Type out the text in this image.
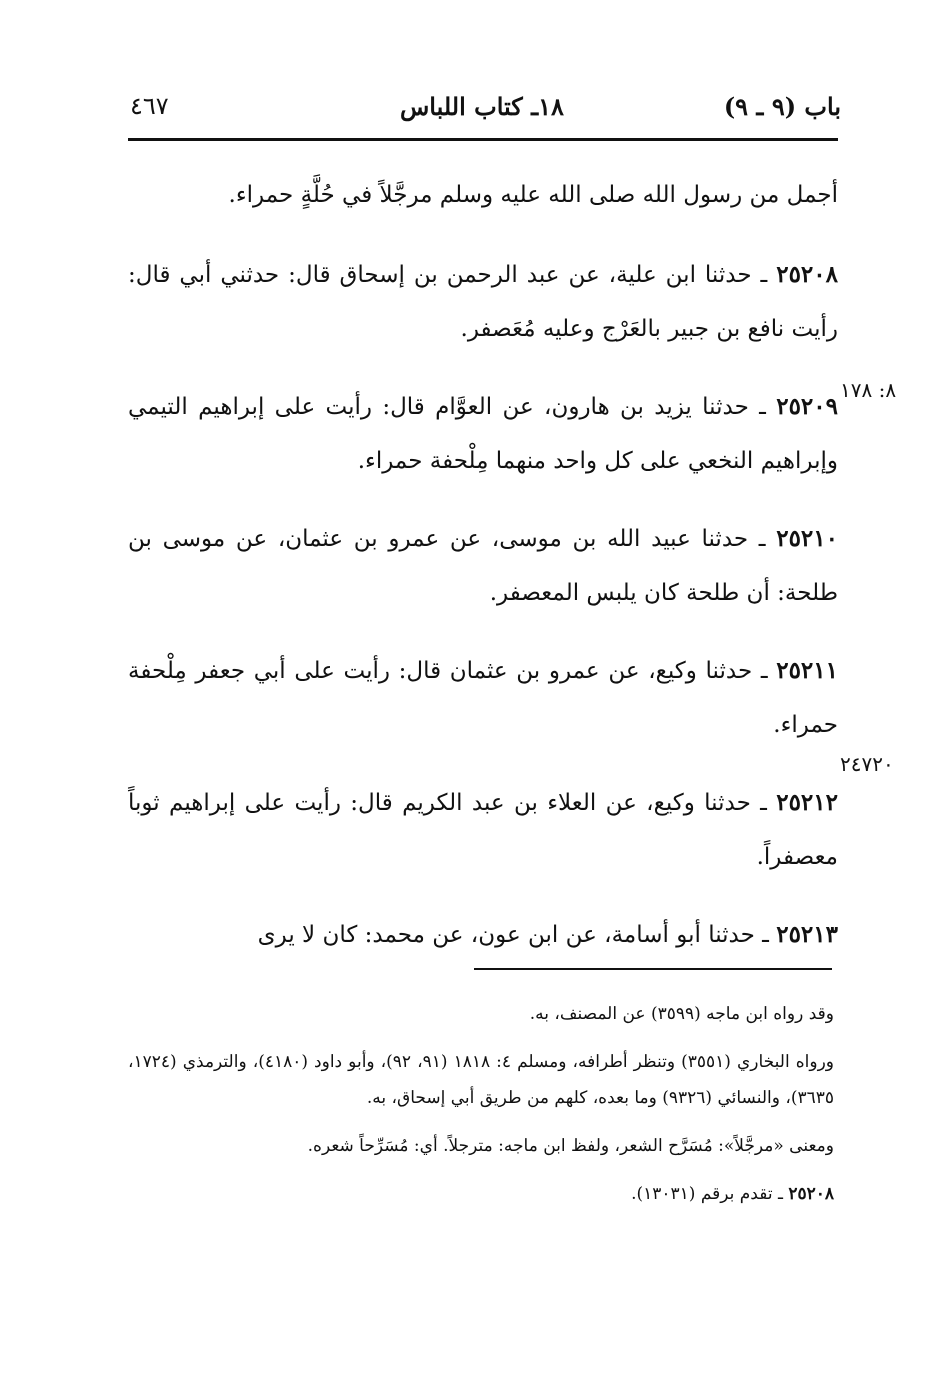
باب (٩ ـ ٩)
١٨ـ كتاب اللباس
٤٦٧

أجمل من رسول الله صلى الله عليه وسلم مرجَّلاً في حُلَّةٍ حمراء.

٢٥٢٠٨ ـ حدثنا ابن علية، عن عبد الرحمن بن إسحاق قال: حدثني أبي قال: رأيت نافع بن جبير بالعَرْج وعليه مُعَصفر.

٢٥٢٠٩ ـ حدثنا يزيد بن هارون، عن العوَّام قال: رأيت على إبراهيم التيمي وإبراهيم النخعي على كل واحد منهما مِلْحفة حمراء.

٢٥٢١٠ ـ حدثنا عبيد الله بن موسى، عن عمرو بن عثمان، عن موسى بن طلحة: أن طلحة كان يلبس المعصفر.

٢٥٢١١ ـ حدثنا وكيع، عن عمرو بن عثمان قال: رأيت على أبي جعفر مِلْحفة حمراء.

٢٥٢١٢ ـ حدثنا وكيع، عن العلاء بن عبد الكريم قال: رأيت على إبراهيم ثوباً معصفراً.

٢٥٢١٣ ـ حدثنا أبو أسامة، عن ابن عون، عن محمد: كان لا يرى

٨: ١٧٨
٢٤٧٢٠

وقد رواه ابن ماجه (٣٥٩٩) عن المصنف، به.

ورواه البخاري (٣٥٥١) وتنظر أطرافه، ومسلم ٤: ١٨١٨ (٩١، ٩٢)، وأبو داود (٤١٨٠)، والترمذي (١٧٢٤، ٣٦٣٥)، والنسائي (٩٣٢٦) وما بعده، كلهم من طريق أبي إسحاق، به.

ومعنى «مرجَّلاً»: مُسَرَّح الشعر، ولفظ ابن ماجه: مترجلاً. أي: مُسَرِّحاً شعره.

٢٥٢٠٨ ـ تقدم برقم (١٣٠٣١).
